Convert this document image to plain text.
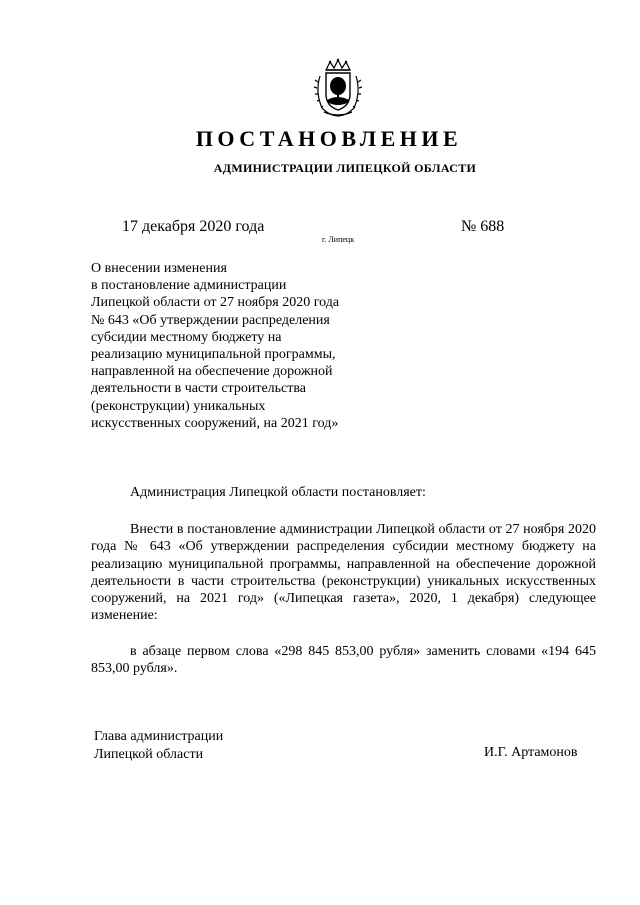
ПОСТАНОВЛЕНИЕ
АДМИНИСТРАЦИИ ЛИПЕЦКОЙ ОБЛАСТИ
17 декабря 2020 года
г. Липецк
№ 688
О внесении изменения
в постановление администрации
Липецкой области от 27 ноября 2020 года
№ 643 «Об утверждении распределения
субсидии местному бюджету на
реализацию муниципальной программы,
направленной на обеспечение дорожной
деятельности в части строительства
(реконструкции) уникальных
искусственных сооружений, на 2021 год»
Администрация Липецкой области постановляет:
Внести в постановление администрации Липецкой области от 27 ноября 2020 года № 643 «Об утверждении распределения субсидии местному бюджету на реализацию муниципальной программы, направленной на обеспечение дорожной деятельности в части строительства (реконструкции) уникальных искусственных сооружений, на 2021 год» («Липецкая газета», 2020, 1 декабря) следующее изменение:
в абзаце первом слова «298 845 853,00 рубля» заменить словами «194 645 853,00 рубля».
Глава администрации
Липецкой области	И.Г. Артамонов
